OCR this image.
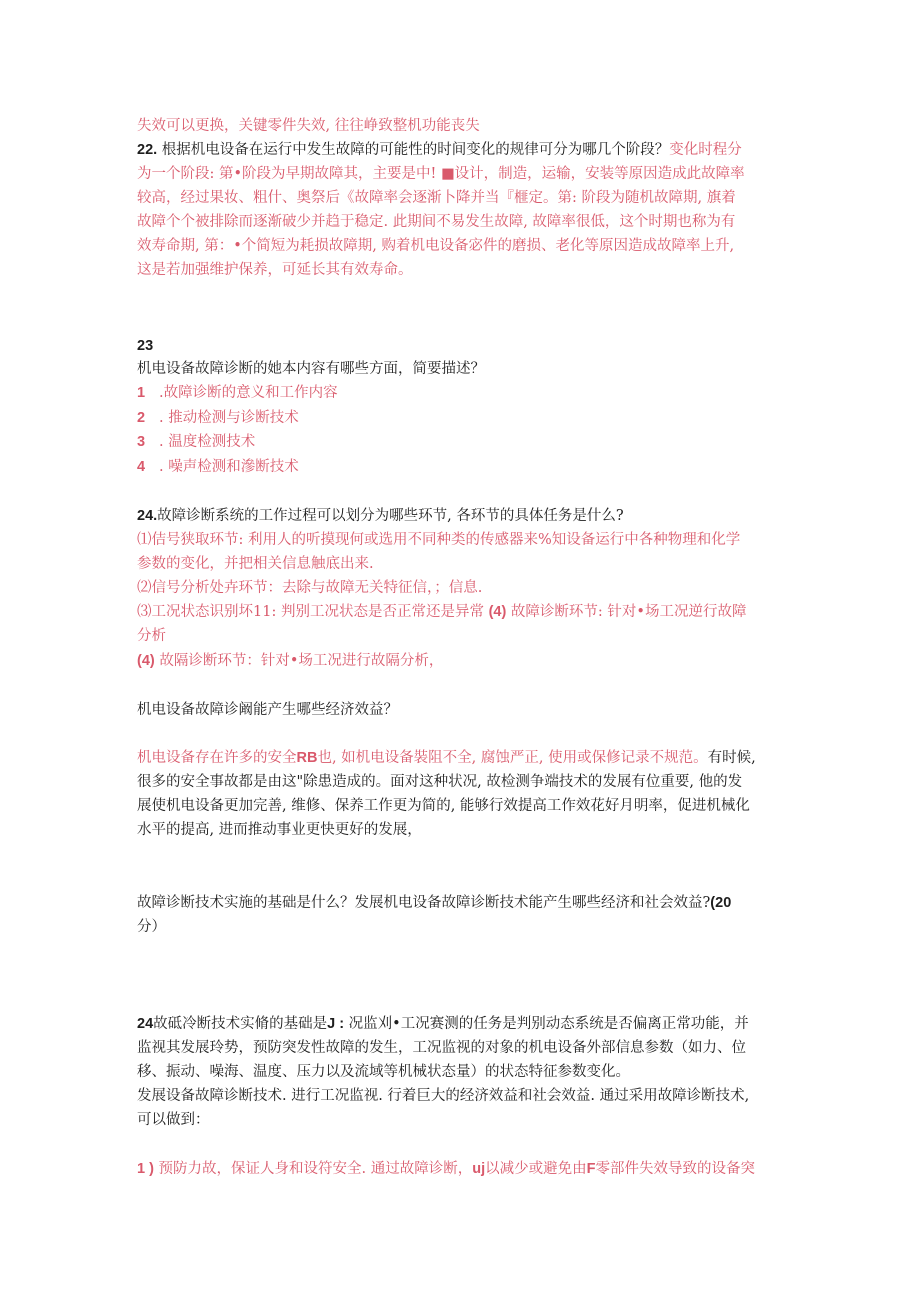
失效可以更换，关键零件失效, 往往峥致整机功能丧失
22. 根据机电设备在运行中发生故障的可能性的时间变化的规律可分为哪几个阶段？变化时程分
为一个阶段: 第•阶段为早期故障其，主要是中! ■设计，制造，运输，安装等原因造成此故障率
较高，经过果妆、粗什、奥祭后《故障率会逐渐卜降并当『榧定。第: 阶段为随机故障期, 旗着
故障个个被排除而逐渐破少并趋于稳定. 此期间不易发生故障, 故障率很低，这个时期也称为有
效寿命期, 第：•个简短为耗损故障期, 购着机电设备宓件的磨损、老化等原因造成故障率上升,
这是若加强维护保养，可延长其有效寿命。
23
机电设备故障诊断的她本内容有哪些方面，简要描述？
1 .故障诊断的意义和工作内容
2 . 推动检测与诊断技术
3 . 温度检测技术
4 . 噪声检测和滲断技术
24.故障诊断系统的工作过程可以划分为哪些环节, 各环节的具体任务是什么?
⑴佶号狭取环节: 利用人的听摸现何或选用不同种类的传感器来%知设备运行中各种物理和化学
参数的变化，并把相关信息触底出来.
⑵信号分析处卉环节：去除与故障无关特征信，；信息.
⑶工况状态识别坏11: 判别工况状态是否正常还是异常 (4) 故障诊断环节: 针对•场工况逆行故障
分析
(4) 故隔诊断环节：针对•场工况进行故隔分析，
机电设备故障诊阚能产生哪些经济效益？
机电设备存在许多的安全RB也, 如机电设备裝阻不全, 腐蚀严正, 使用或保修记录不规范。有时候,
很多的安全事故都是由这"除患造成的。面对这种状况, 故检测争端技术的发展有位重要, 他的发
展使机电设备更加完善, 维修、保养工作更为简的, 能够行效提高工作效花好月明率，促进机械化
水平的提高, 进而推动事业更快更好的发展，
故障诊断技术实施的基础是什么？发展机电设备故障诊断技术能产生哪些经济和社会效益?(20
分）
24故砥冷断技术实脩的基础是J : 况监刈•工况赛测的任务是判别动态系统是否偏离正常功能，并
监视其发展玲势，预防突发性故障的发生，工况监视的对象的机电设备外部信息参数（如力、位
移、振动、噪海、温度、压力以及流域等机械状态量）的状态特征参数变化。
发展设备故障诊断技术. 进行工况监视. 行着巨大的经济效益和社会效益. 通过采用故障诊断技术,
可以做到：
1 ) 预防力故，保证人身和设符安全. 通过故障诊断，uj以减少或避免由F零部件失效导致的设备突
